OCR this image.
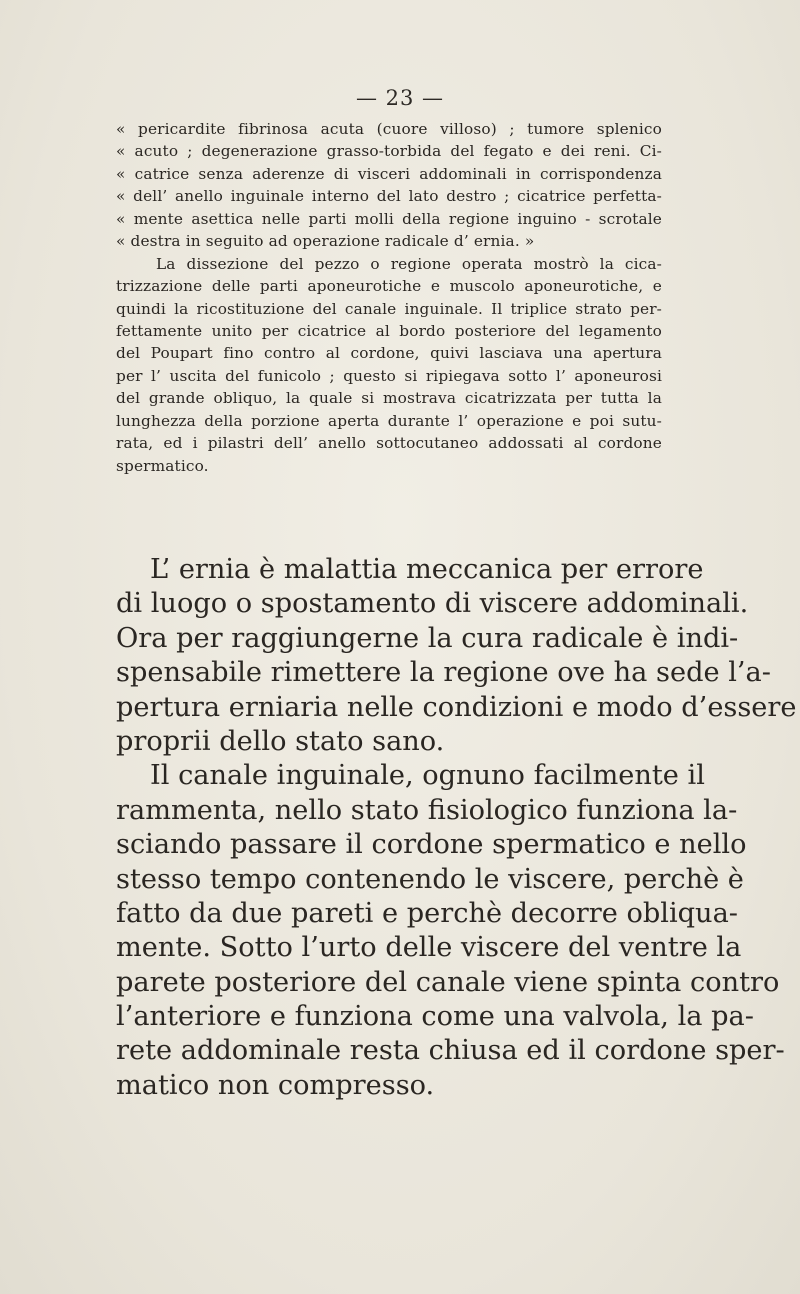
— 23 —
« pericardite fibrinosa acuta (cuore villoso) ; tumore splenico
« acuto ; degenerazione grasso-torbida del fegato e dei reni. Ci-
« catrice senza aderenze di visceri addominali in corrispondenza
« dell’ anello inguinale interno del lato destro ; cicatrice perfetta-
« mente asettica nelle parti molli della regione inguino - scrotale
« destra in seguito ad operazione radicale d’ ernia. »
La dissezione del pezzo o regione operata mostrò la cica-
trizzazione delle parti aponeurotiche e muscolo aponeurotiche, e
quindi la ricostituzione del canale inguinale. Il triplice strato per-
fettamente unito per cicatrice al bordo posteriore del legamento
del Poupart fino contro al cordone, quivi lasciava una apertura
per l’ uscita del funicolo ; questo si ripiegava sotto l’ aponeurosi
del grande obliquo, la quale si mostrava cicatrizzata per tutta la
lunghezza della porzione aperta durante l’ operazione e poi sutu-
rata, ed i pilastri dell’ anello sottocutaneo addossati al cordone
spermatico.
L’ ernia è malattia meccanica per errore
di luogo o spostamento di viscere addominali.
Ora per raggiungerne la cura radicale è indi-
spensabile rimettere la regione ove ha sede l’a-
pertura erniaria nelle condizioni e modo d’essere
proprii dello stato sano.
Il canale inguinale, ognuno facilmente il
rammenta, nello stato fisiologico funziona la-
sciando passare il cordone spermatico e nello
stesso tempo contenendo le viscere, perchè è
fatto da due pareti e perchè decorre obliqua-
mente. Sotto l’urto delle viscere del ventre la
parete posteriore del canale viene spinta contro
l’anteriore e funziona come una valvola, la pa-
rete addominale resta chiusa ed il cordone sper-
matico non compresso.
